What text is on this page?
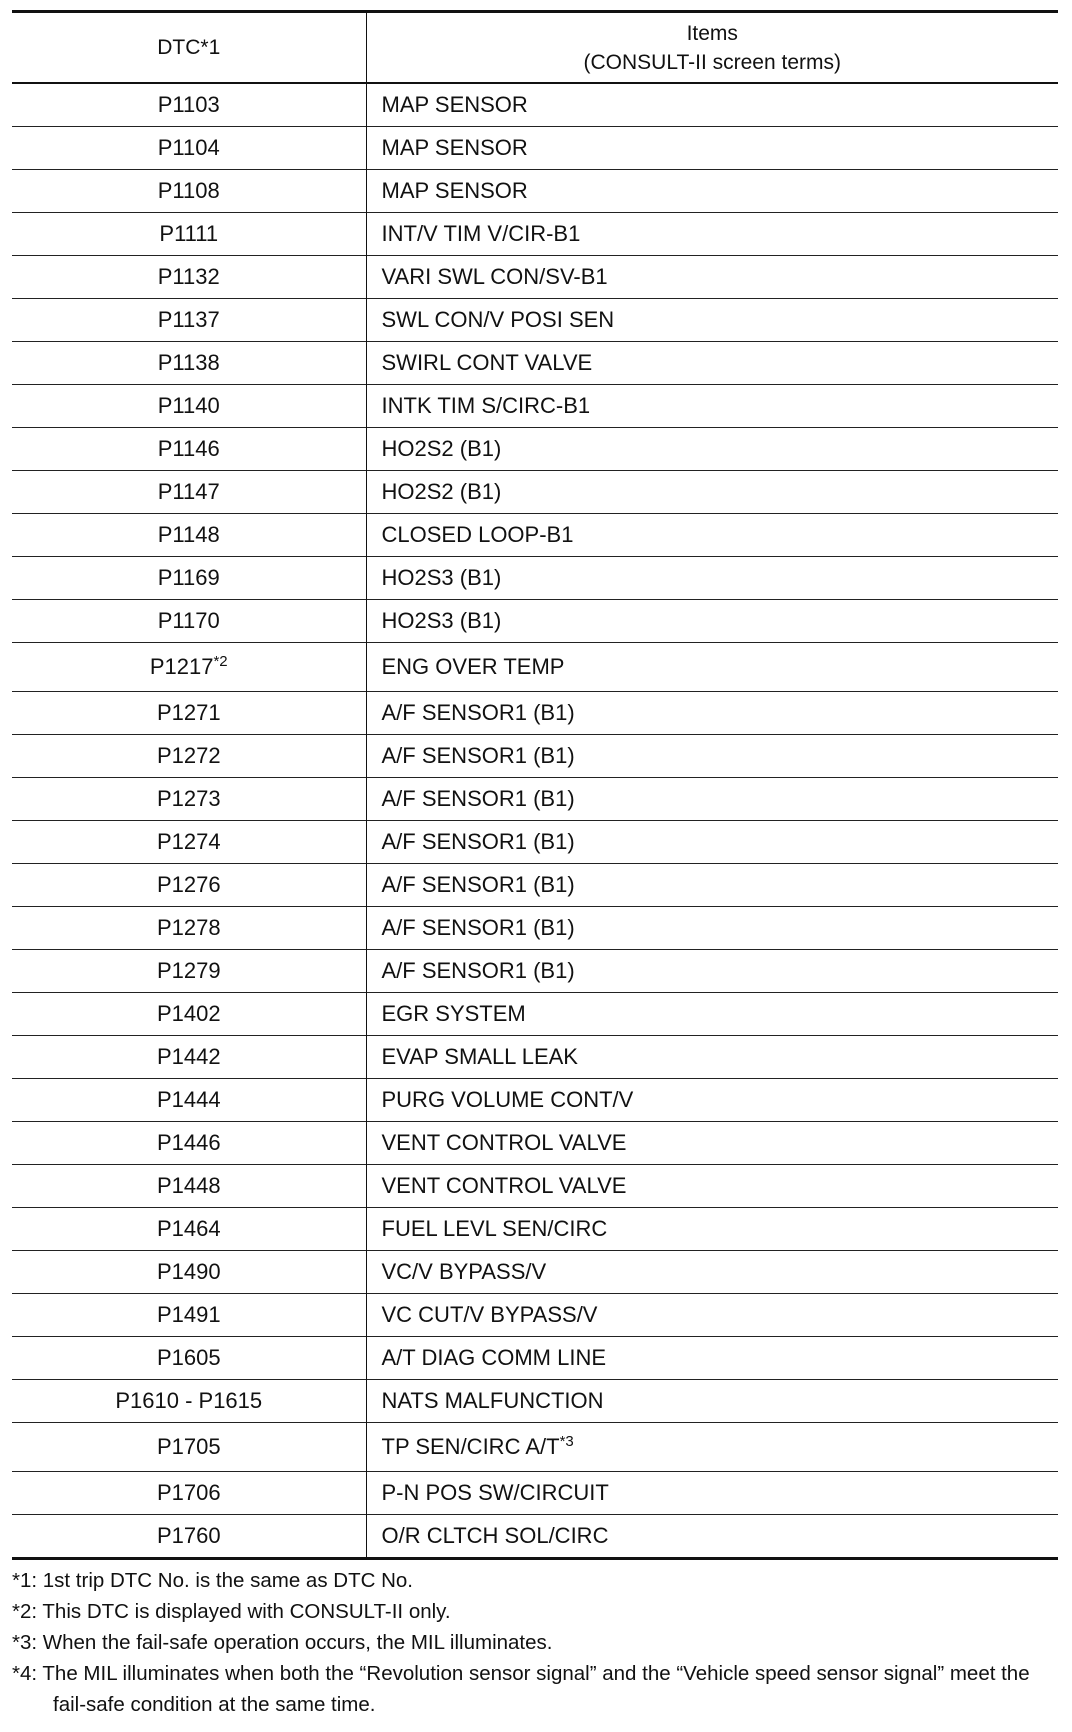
DTC*1	Items
(CONSULT-II screen terms)

P1103	MAP SENSOR
P1104	MAP SENSOR
P1108	MAP SENSOR
P1111	INT/V TIM V/CIR-B1
P1132	VARI SWL CON/SV-B1
P1137	SWL CON/V POSI SEN
P1138	SWIRL CONT VALVE
P1140	INTK TIM S/CIRC-B1
P1146	HO2S2 (B1)
P1147	HO2S2 (B1)
P1148	CLOSED LOOP-B1
P1169	HO2S3 (B1)
P1170	HO2S3 (B1)
P1217$^{*2}$	ENG OVER TEMP
P1271	A/F SENSOR1 (B1)
P1272	A/F SENSOR1 (B1)
P1273	A/F SENSOR1 (B1)
P1274	A/F SENSOR1 (B1)
P1276	A/F SENSOR1 (B1)
P1278	A/F SENSOR1 (B1)
P1279	A/F SENSOR1 (B1)
P1402	EGR SYSTEM
P1442	EVAP SMALL LEAK
P1444	PURG VOLUME CONT/V
P1446	VENT CONTROL VALVE
P1448	VENT CONTROL VALVE
P1464	FUEL LEVL SEN/CIRC
P1490	VC/V BYPASS/V
P1491	VC CUT/V BYPASS/V
P1605	A/T DIAG COMM LINE
P1610 - P1615	NATS MALFUNCTION
P1705	TP SEN/CIRC $A/T^{*3}$
P1706	P-N POS SW/CIRCUIT
P1760	O/R CLTCH SOL/CIRC
*1: 1st trip DTC No. is the same as DTC No.
*2: This DTC is displayed with CONSULT-II only.
*3: When the fail-safe operation occurs, the MIL illuminates.
*4: The MIL illuminates when both the “Revolution sensor signal” and the “Vehicle speed sensor signal” meet the fail-safe condition at the same time.
